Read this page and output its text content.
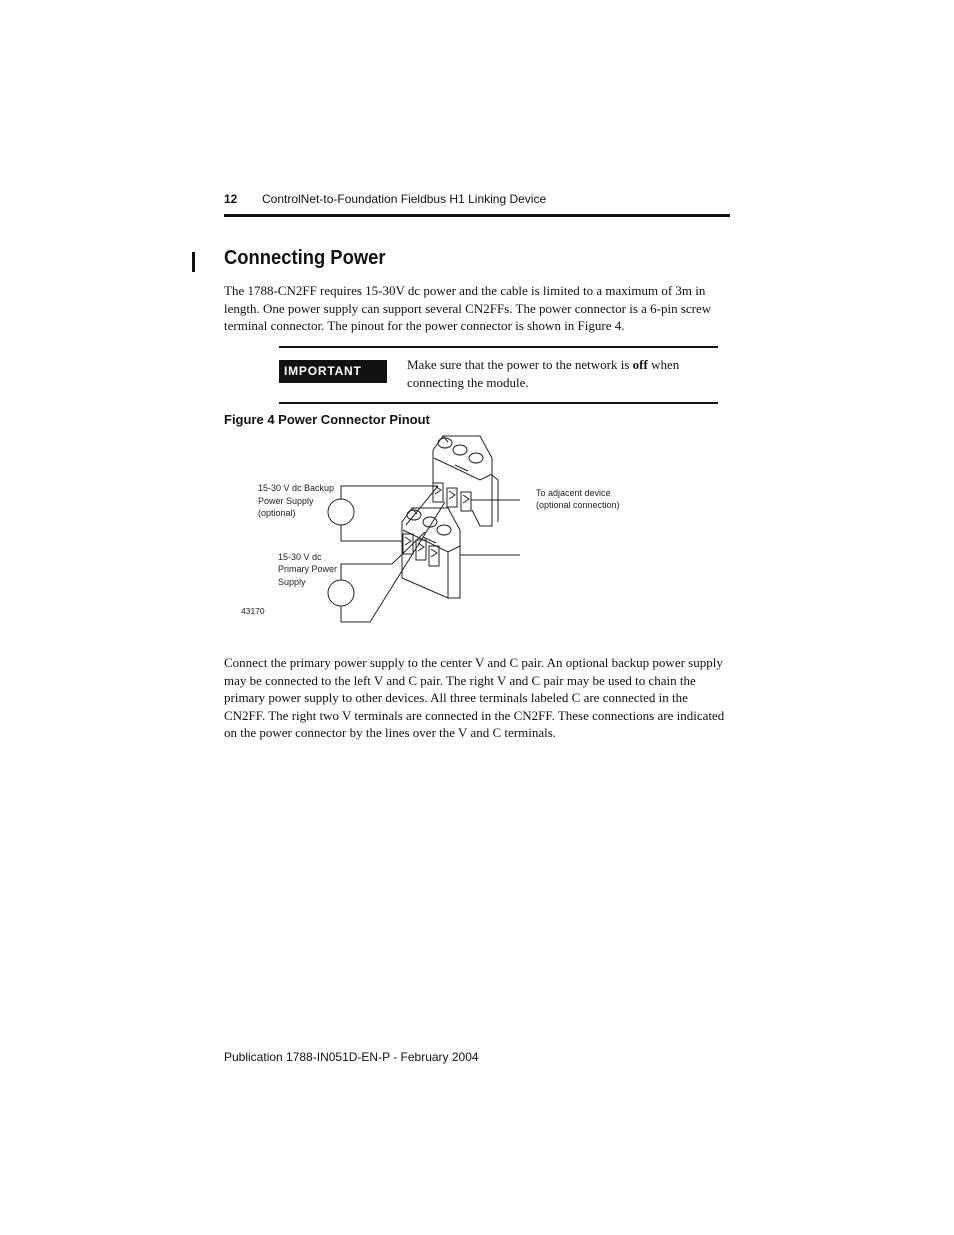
12 ControlNet-to-Foundation Fieldbus H1 Linking Device
Connecting Power
The 1788-CN2FF requires 15-30V dc power and the cable is limited to a maximum of 3m in length. One power supply can support several CN2FFs. The power connector is a 6-pin screw terminal connector. The pinout for the power connector is shown in Figure 4.
IMPORTANT	Make sure that the power to the network is off when connecting the module.
Figure 4 Power Connector Pinout
15-30 V dc Backup
Power Supply
(optional)
15-30 V dc
Primary Power
Supply
To adjacent device
(optional connection)
43170
Connect the primary power supply to the center V and C pair. An optional backup power supply may be connected to the left V and C pair. The right V and C pair may be used to chain the primary power supply to other devices. All three terminals labeled C are connected in the CN2FF. The right two V terminals are connected in the CN2FF. These connections are indicated on the power connector by the lines over the V and C terminals.
Publication 1788-IN051D-EN-P - February 2004
